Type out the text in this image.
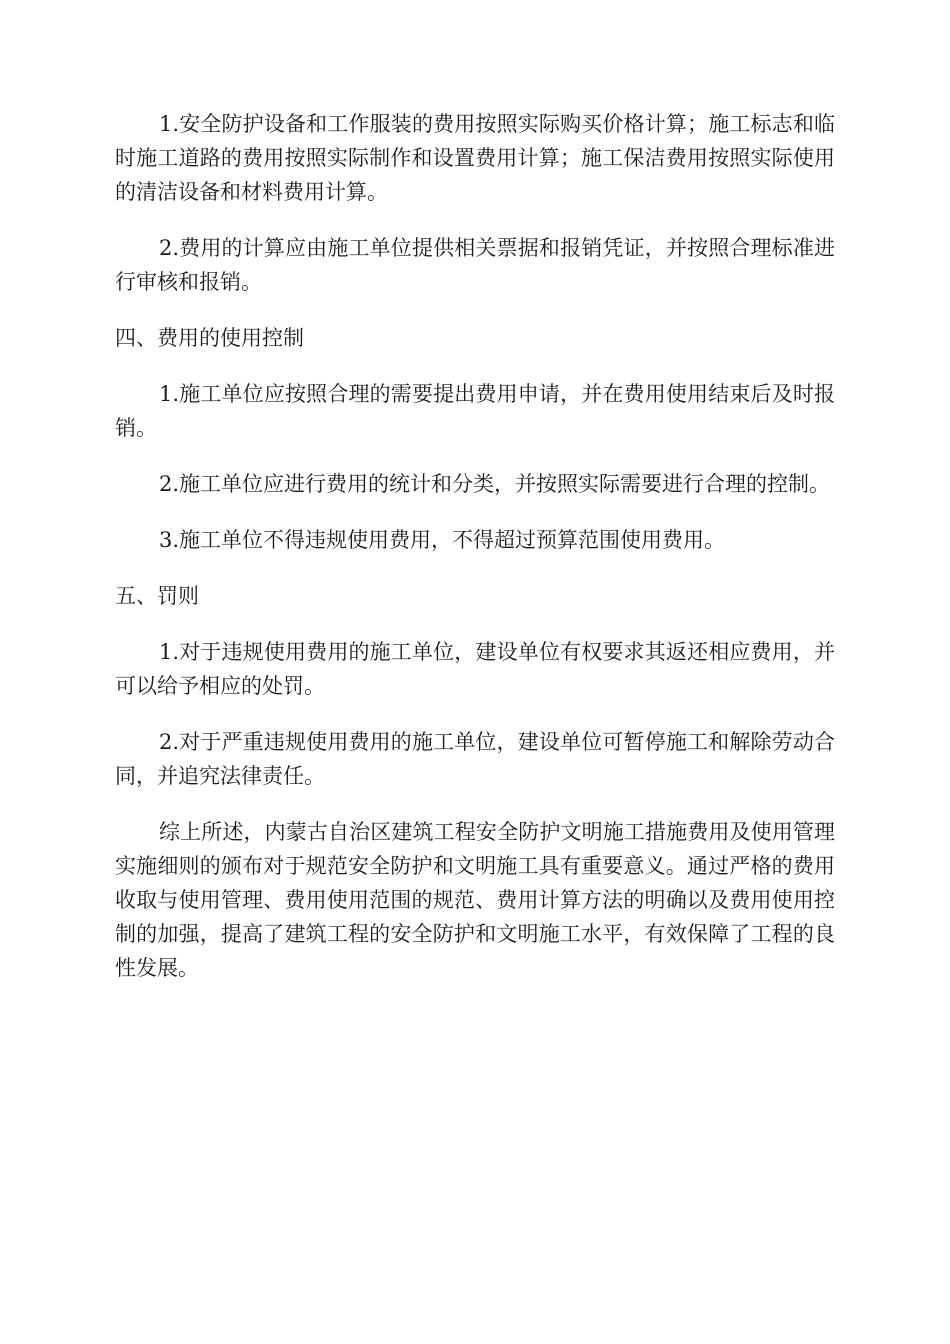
1.安全防护设备和工作服装的费用按照实际购买价格计算；施工标志和临时施工道路的费用按照实际制作和设置费用计算；施工保洁费用按照实际使用的清洁设备和材料费用计算。

2.费用的计算应由施工单位提供相关票据和报销凭证，并按照合理标准进行审核和报销。

四、费用的使用控制

1.施工单位应按照合理的需要提出费用申请，并在费用使用结束后及时报销。

2.施工单位应进行费用的统计和分类，并按照实际需要进行合理的控制。

3.施工单位不得违规使用费用，不得超过预算范围使用费用。

五、罚则

1.对于违规使用费用的施工单位，建设单位有权要求其返还相应费用，并可以给予相应的处罚。

2.对于严重违规使用费用的施工单位，建设单位可暂停施工和解除劳动合同，并追究法律责任。

综上所述，内蒙古自治区建筑工程安全防护文明施工措施费用及使用管理实施细则的颁布对于规范安全防护和文明施工具有重要意义。通过严格的费用收取与使用管理、费用使用范围的规范、费用计算方法的明确以及费用使用控制的加强，提高了建筑工程的安全防护和文明施工水平，有效保障了工程的良性发展。
